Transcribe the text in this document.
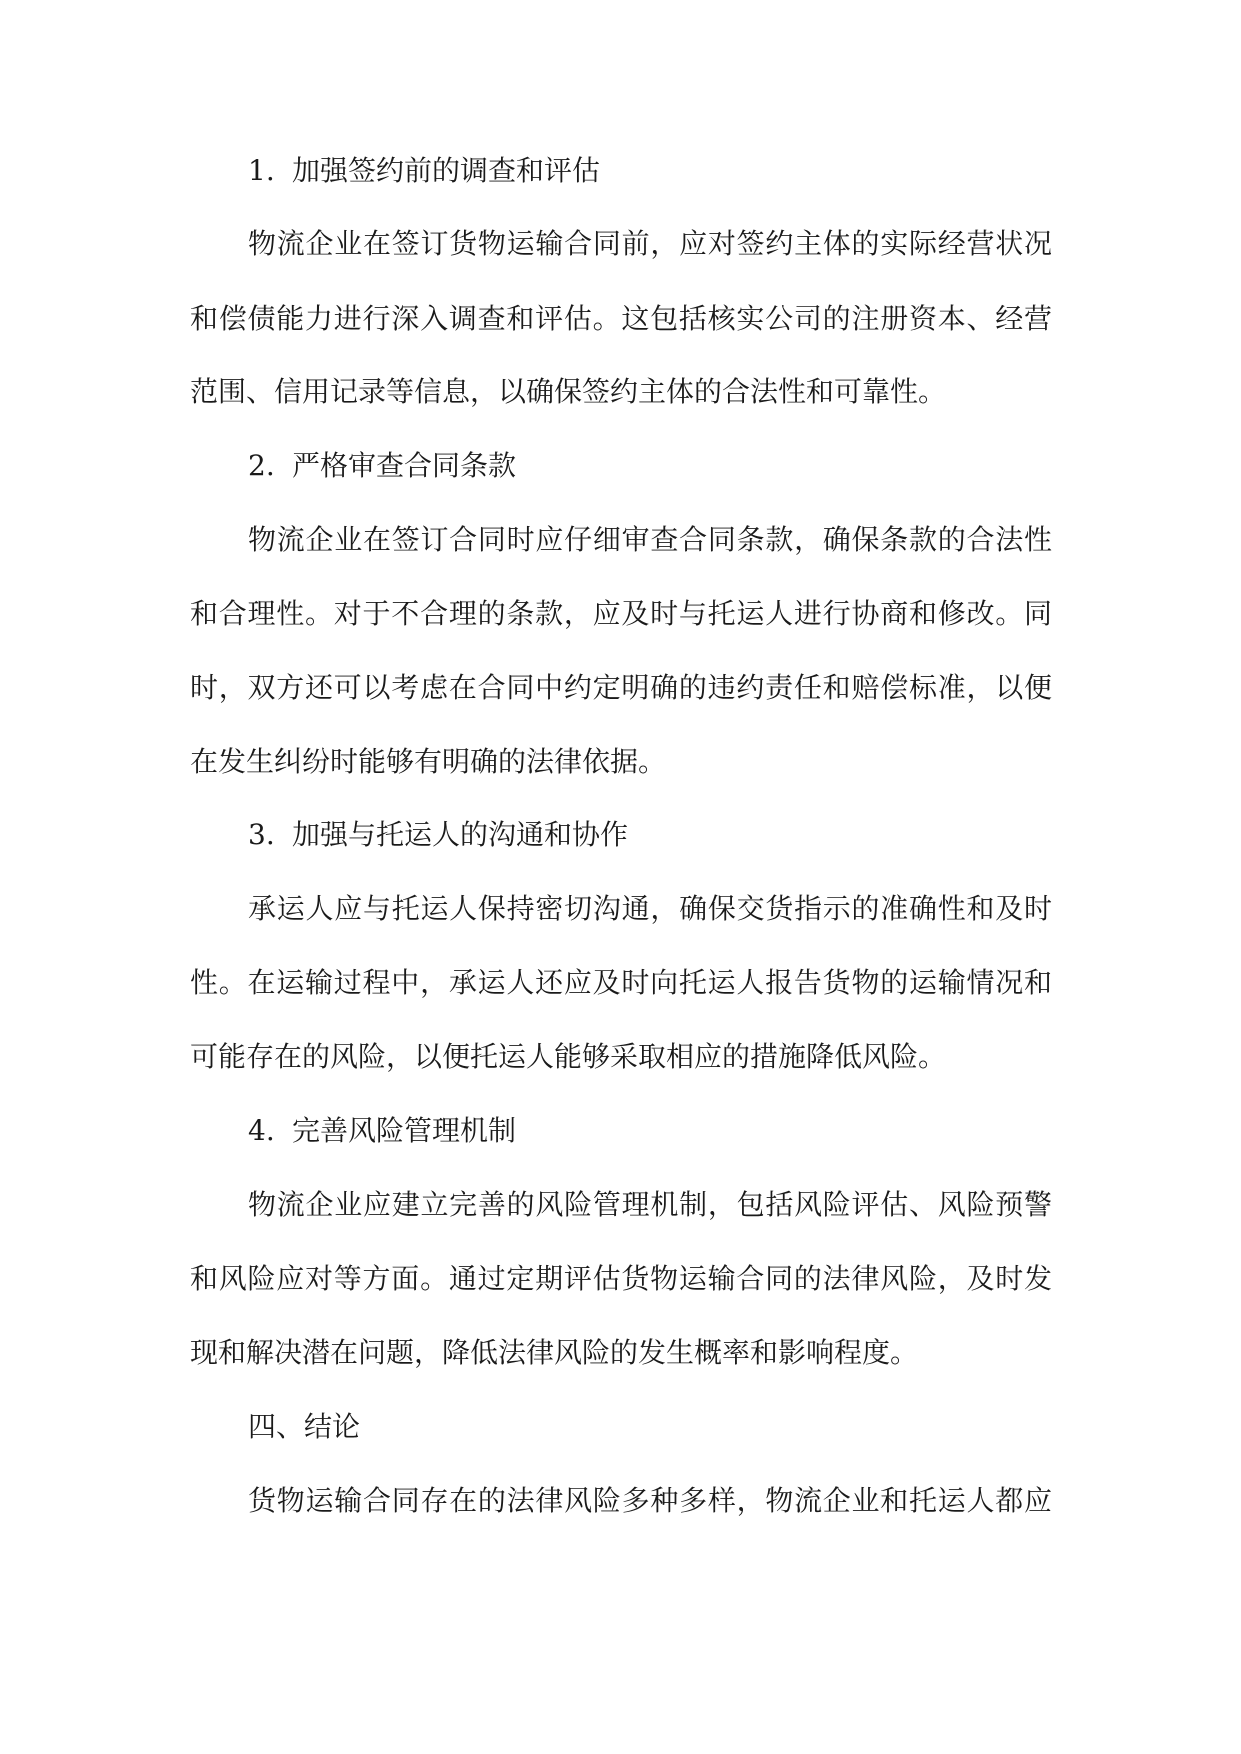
1. 加强签约前的调查和评估
物流企业在签订货物运输合同前，应对签约主体的实际经营状况
和偿债能力进行深入调查和评估。这包括核实公司的注册资本、经营
范围、信用记录等信息，以确保签约主体的合法性和可靠性。
2. 严格审查合同条款
物流企业在签订合同时应仔细审查合同条款，确保条款的合法性
和合理性。对于不合理的条款，应及时与托运人进行协商和修改。同
时，双方还可以考虑在合同中约定明确的违约责任和赔偿标准，以便
在发生纠纷时能够有明确的法律依据。
3. 加强与托运人的沟通和协作
承运人应与托运人保持密切沟通，确保交货指示的准确性和及时
性。在运输过程中，承运人还应及时向托运人报告货物的运输情况和
可能存在的风险，以便托运人能够采取相应的措施降低风险。
4. 完善风险管理机制
物流企业应建立完善的风险管理机制，包括风险评估、风险预警
和风险应对等方面。通过定期评估货物运输合同的法律风险，及时发
现和解决潜在问题，降低法律风险的发生概率和影响程度。
四、结论
货物运输合同存在的法律风险多种多样，物流企业和托运人都应
